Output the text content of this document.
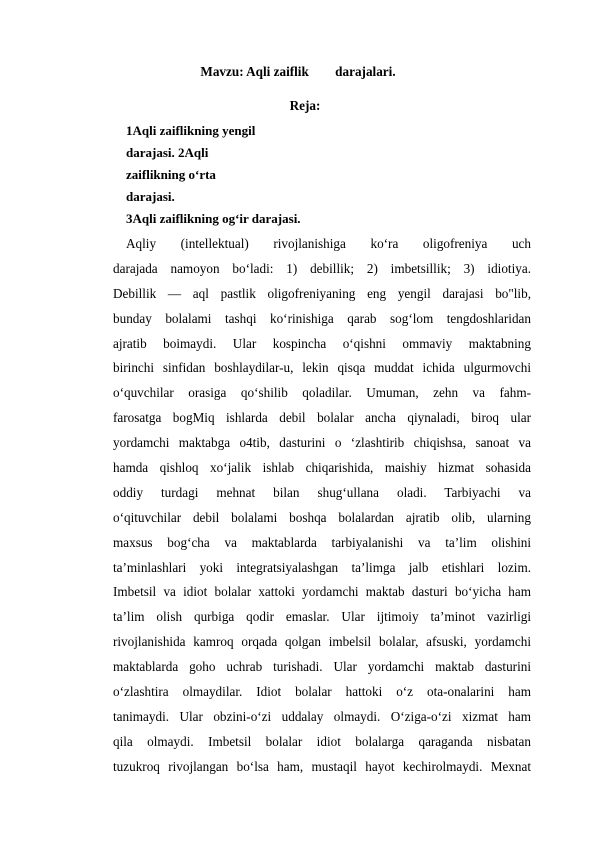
Mavzu: Aqli zaiflik        darajalari.
Reja:
1Aqli zaiflikning yengil
darajasi. 2Aqli
zaiflikning o‘rta
darajasi.
3Aqli zaiflikning og‘ir darajasi.
Aqliy (intellektual) rivojlanishiga ko‘ra oligofreniya uch
darajada namoyon bo‘ladi: 1) debillik; 2) imbetsillik; 3) idiotiya.
Debillik — aql pastlik oligofreniyaning eng yengil darajasi bo"lib,
bunday bolalami tashqi ko‘rinishiga qarab sog‘lom tengdoshlaridan
ajratib boimaydi. Ular kospincha o‘qishni ommaviy maktabning
birinchi sinfidan boshlaydilar-u, lekin qisqa muddat ichida ulgurmovchi
o‘quvchilar orasiga qo‘shilib qoladilar. Umuman, zehn va fahm-
farosatga bogMiq ishlarda debil bolalar ancha qiynaladi, biroq ular
yordamchi maktabga o4tib, dasturini o ‘zlashtirib chiqishsa, sanoat va
hamda qishloq xo‘jalik ishlab chiqarishida, maishiy hizmat sohasida
oddiy turdagi mehnat bilan shug‘ullana oladi. Tarbiyachi va
o‘qituvchilar debil bolalami boshqa bolalardan ajratib olib, ularning
maxsus bog‘cha va maktablarda tarbiyalanishi va ta’lim olishini
ta’minlashlari yoki integratsiyalashgan ta’limga jalb etishlari lozim.
Imbetsil va idiot bolalar xattoki yordamchi maktab dasturi bo‘yicha ham
ta’lim olish qurbiga qodir emaslar. Ular ijtimoiy ta’minot vazirligi
rivojlanishida kamroq orqada qolgan imbelsil bolalar, afsuski, yordamchi
maktablarda goho uchrab turishadi. Ular yordamchi maktab dasturini
o‘zlashtira olmaydilar. Idiot bolalar hattoki o‘z ota-onalarini ham
tanimaydi. Ular obzini-o‘zi uddalay olmaydi. O‘ziga-o‘zi xizmat ham
qila olmaydi. Imbetsil bolalar idiot bolalarga qaraganda nisbatan
tuzukroq rivojlangan bo‘lsa ham, mustaqil hayot kechirolmaydi. Mexnat
